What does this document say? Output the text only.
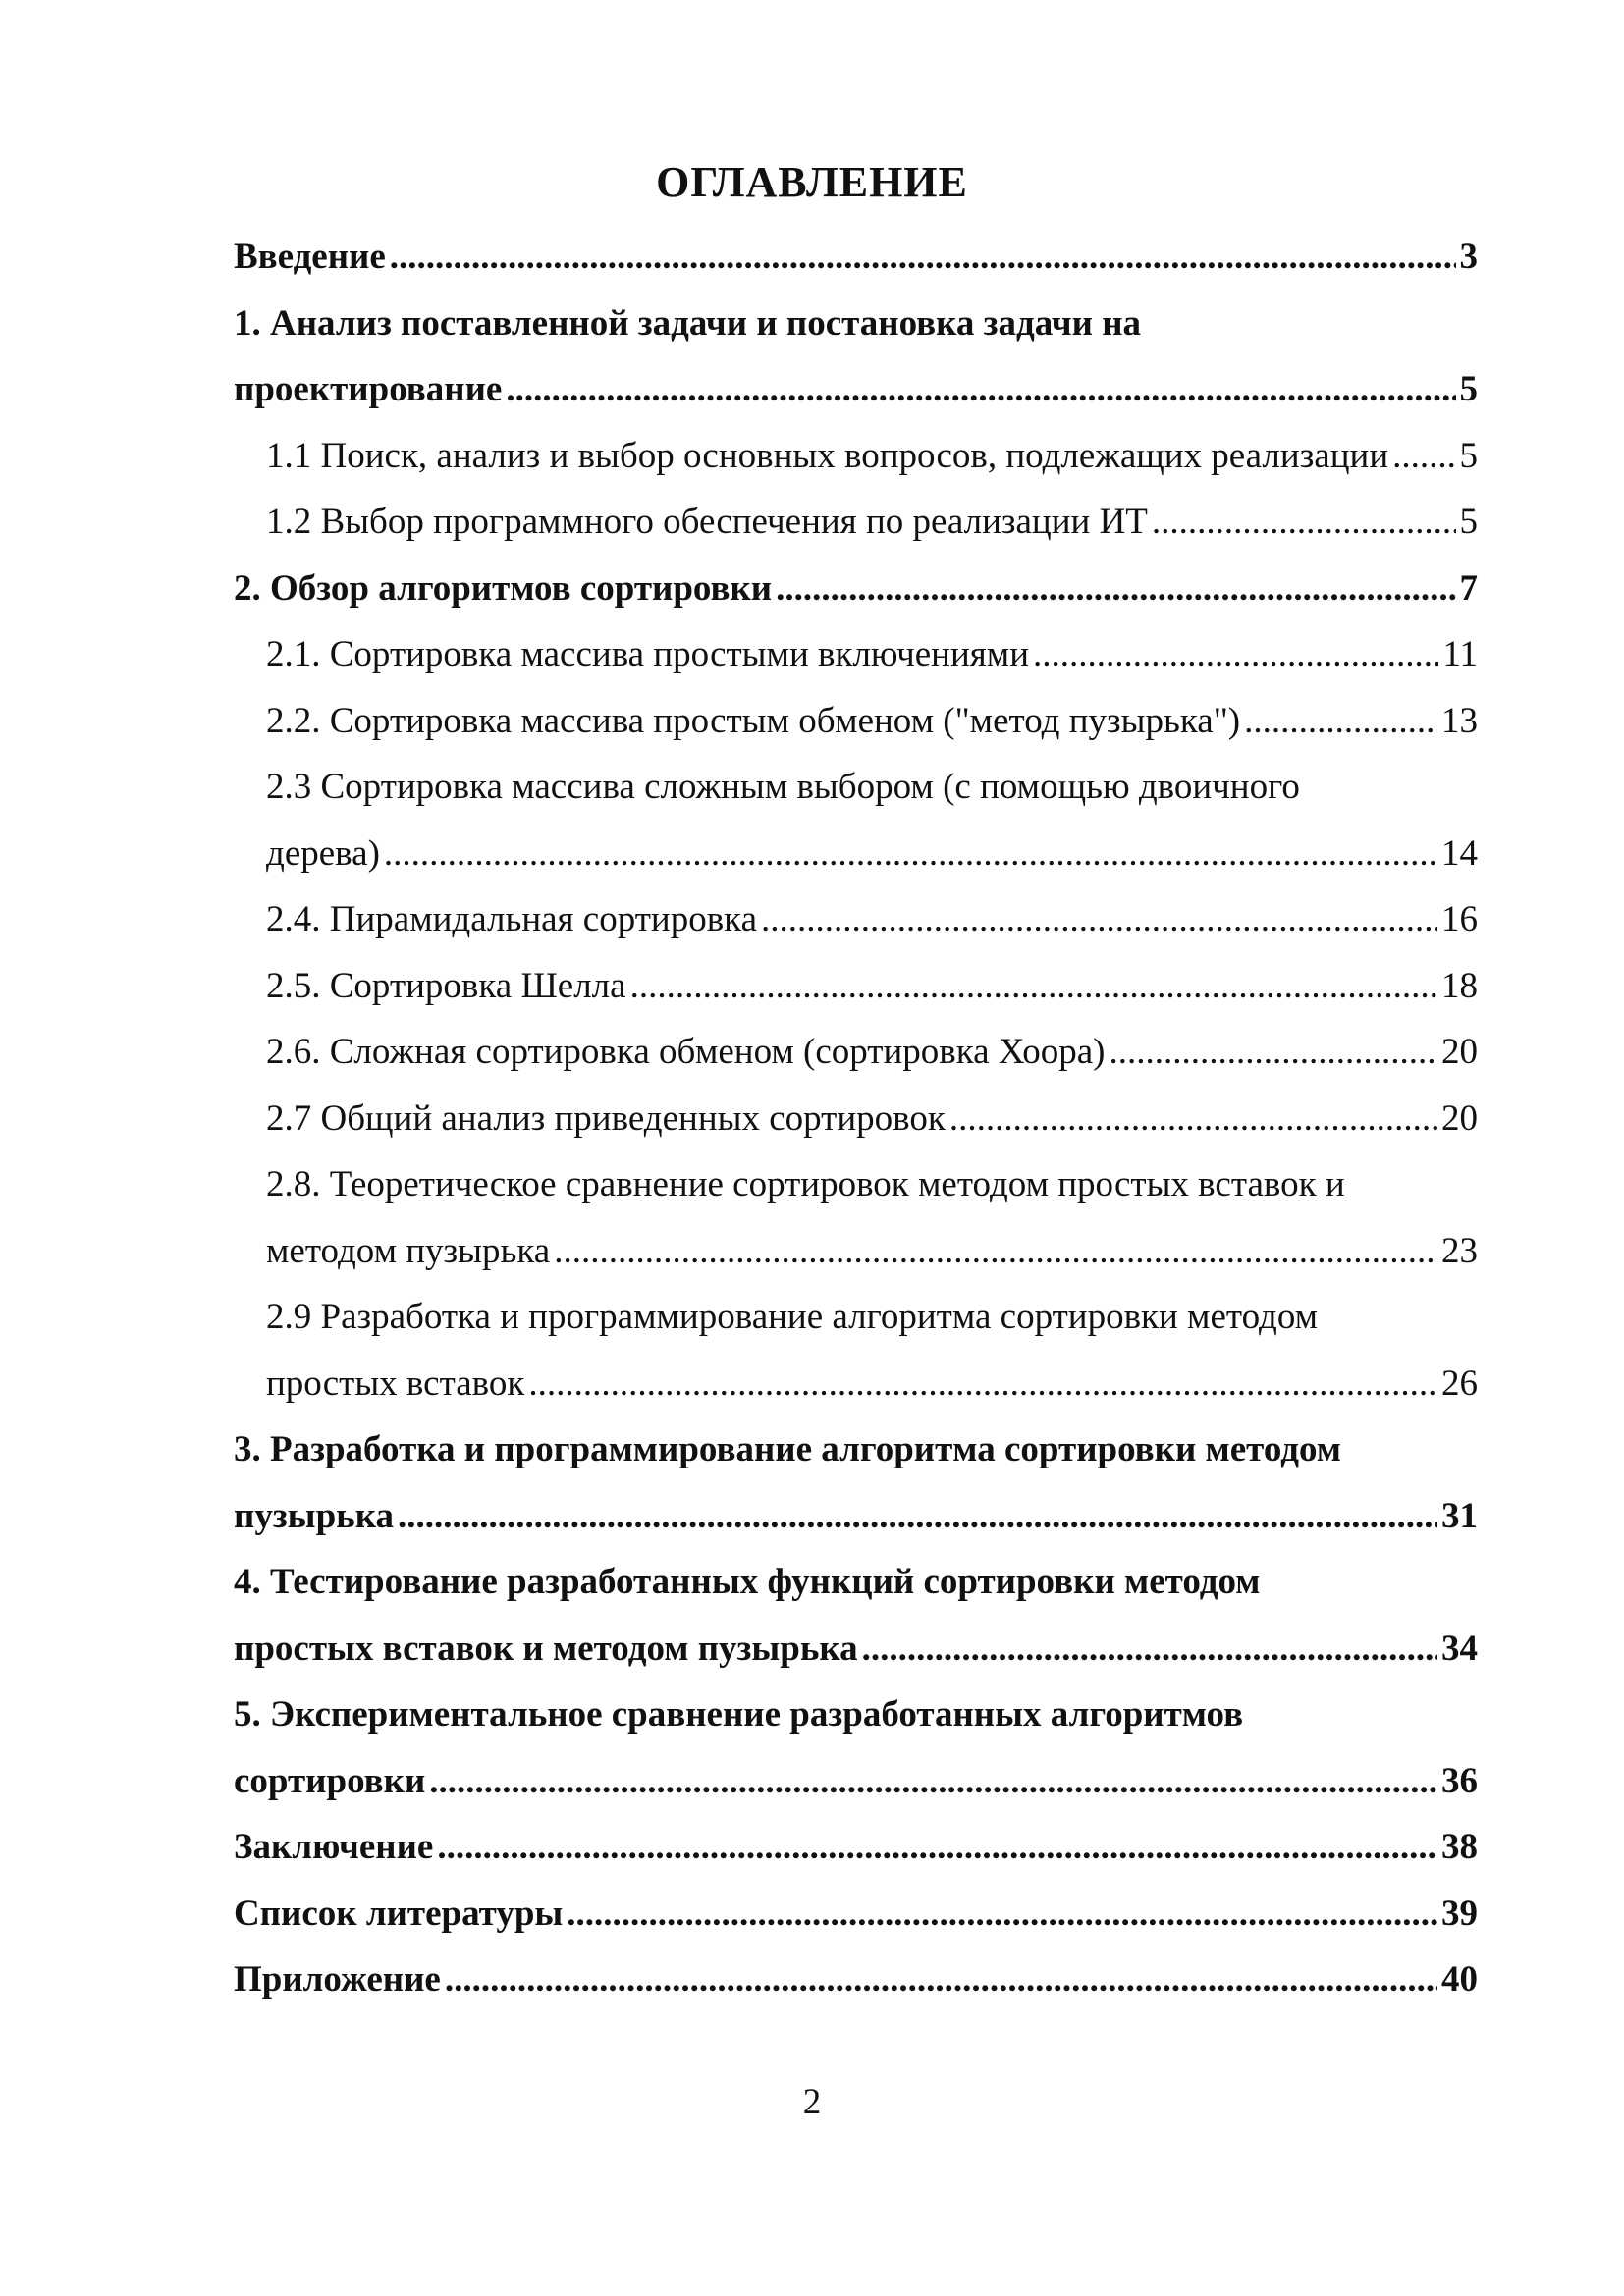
ОГЛАВЛЕНИЕ
Введение .....	3
1. Анализ поставленной задачи и постановка задачи на
проектирование .....	5
1.1 Поиск, анализ и выбор основных вопросов, подлежащих реализации ..... 5
1.2 Выбор программного обеспечения по реализации ИТ .....	5
2. Обзор алгоритмов сортировки .....	7
2.1. Сортировка массива простыми включениями .....	11
2.2. Сортировка массива простым обменом ("метод пузырька") .....	13
2.3 Сортировка массива сложным выбором (с помощью двоичного
дерева) .....	14
2.4. Пирамидальная сортировка .....	16
2.5. Сортировка Шелла .....	18
2.6. Сложная сортировка обменом (сортировка Хоора) .....	20
2.7 Общий анализ приведенных сортировок .....	20
2.8. Теоретическое сравнение сортировок методом простых вставок и
методом пузырька .....	23
2.9 Разработка и программирование алгоритма сортировки методом
простых вставок .....	26
3. Разработка и программирование алгоритма сортировки методом
пузырька .....	31
4. Тестирование разработанных функций сортировки методом
простых вставок и методом пузырька .....	34
5. Экспериментальное сравнение разработанных алгоритмов
сортировки .....	36
Заключение .....	38
Список литературы .....	39
Приложение .....	40
2
